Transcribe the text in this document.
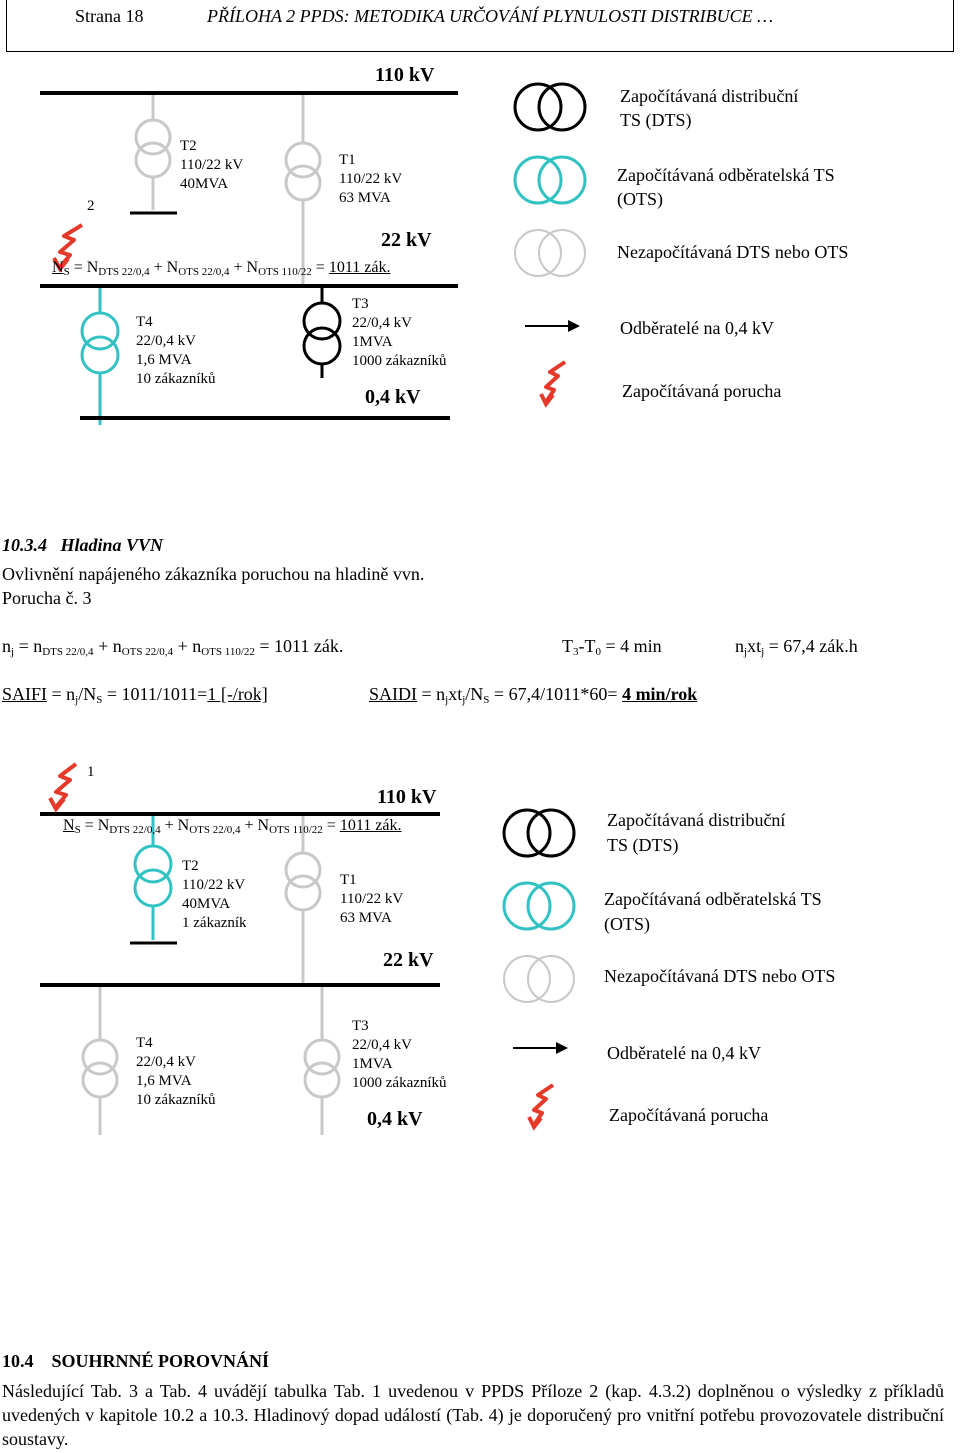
Strana 18	PŘÍLOHA 2 PPDS: METODIKA URČOVÁNÍ PLYNULOSTI DISTRIBUCE …
110 kV
T2
110/22 kV
40MVA
T1
110/22 kV
63 MVA
2
22 kV
$N_S = N_{DTS 22/0,4} + N_{OTS 22/0,4} + N_{OTS 110/22} = 1011$ zák.
T4
22/0,4 kV
1,6 MVA
10 zákazníků
T3
22/0,4 kV
1MVA
1000 zákazníků
0,4 kV
Započítávaná distribuční
TS (DTS)
Započítávaná odběratelská TS
(OTS)
Nezapočítávaná DTS nebo OTS
Odběratelé na 0,4 kV
Započítávaná porucha
10.3.4 Hladina VVN
Ovlivnění napájeného zákazníka poruchou na hladině vvn.
Porucha č. 3
$n_j = n_{DTS 22/0,4} + n_{OTS 22/0,4} + n_{OTS 110/22} = 1011$ zák.	$T_3-T_0 = 4$ min	$n_jxt_j = 67,4$ zák.h
SAIFI = $n_j/N_S = 1011/1011=1$ [-/rok]	SAIDI = $n_jxt_j/N_S = 67,4/1011*60= 4$ min/rok
1
110 kV
$N_S = N_{DTS 22/0,4} + N_{OTS 22/0,4} + N_{OTS 110/22} = 1011$ zák.
T2
110/22 kV
40MVA
1 zákazník
T1
110/22 kV
63 MVA
22 kV
T4
22/0,4 kV
1,6 MVA
10 zákazníků
T3
22/0,4 kV
1MVA
1000 zákazníků
0,4 kV
Započítávaná distribuční
TS (DTS)
Započítávaná odběratelská TS
(OTS)
Nezapočítávaná DTS nebo OTS
Odběratelé na 0,4 kV
Započítávaná porucha
10.4 SOUHRNNÉ POROVNÁNÍ
Následující Tab. 3 a Tab. 4 uvádějí tabulka Tab. 1 uvedenou v PPDS Příloze 2 (kap. 4.3.2) doplněnou o výsledky z příkladů uvedených v kapitole 10.2 a 10.3. Hladinový dopad událostí (Tab. 4) je doporučený pro vnitřní potřebu provozovatele distribuční soustavy.
